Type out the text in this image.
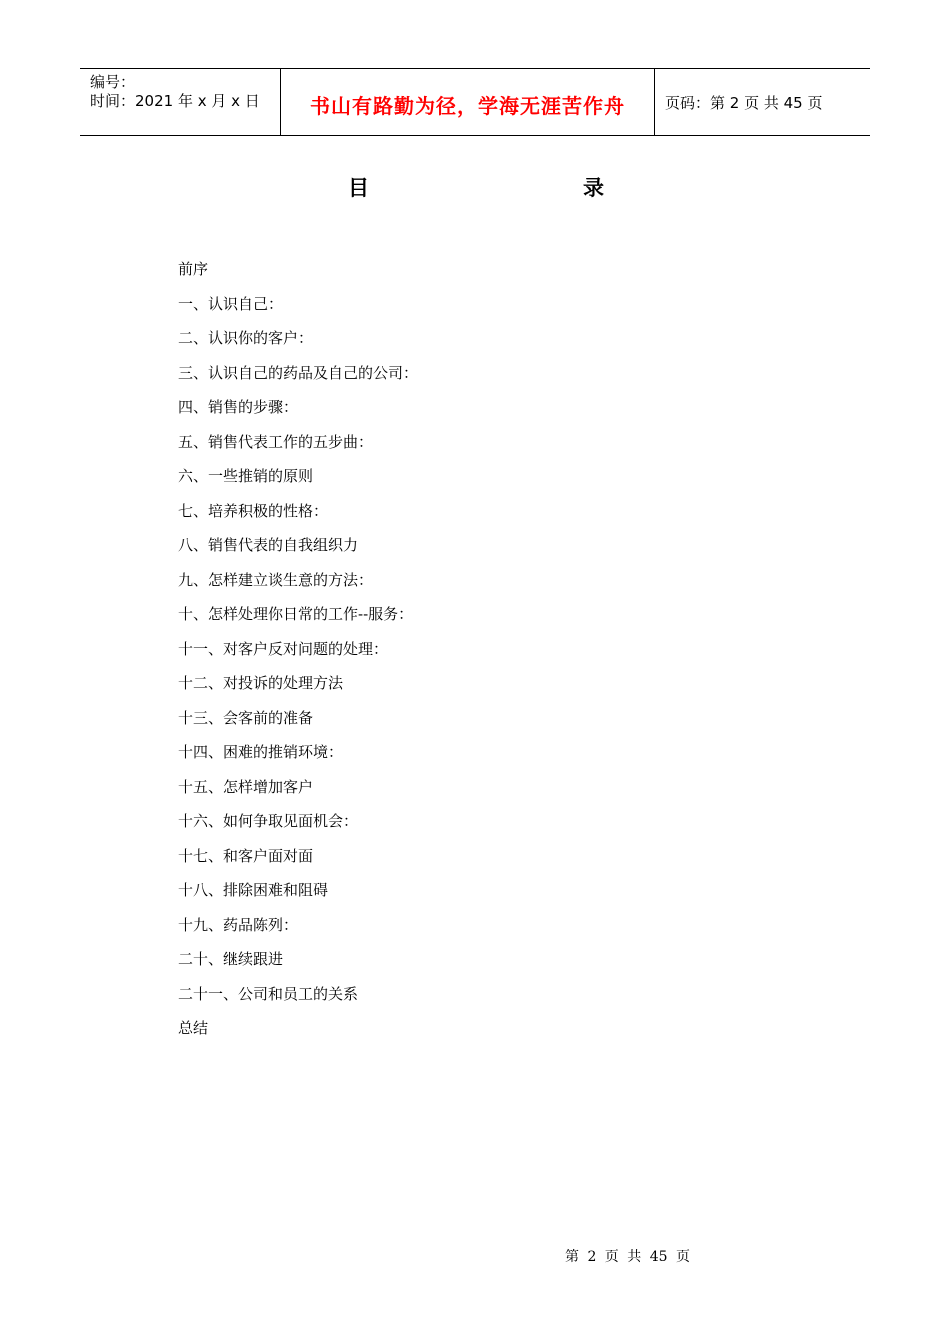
编号：
时间：2021 年 x 月 x 日	书山有路勤为径，学海无涯苦作舟	页码：第 2 页 共 45 页
目	录
前序
一、认识自己：
二、认识你的客户：
三、认识自己的药品及自己的公司：
四、销售的步骤：
五、销售代表工作的五步曲：
六、一些推销的原则
七、培养积极的性格：
八、销售代表的自我组织力
九、怎样建立谈生意的方法：
十、怎样处理你日常的工作--服务：
十一、对客户反对问题的处理：
十二、对投诉的处理方法
十三、会客前的准备
十四、困难的推销环境：
十五、怎样增加客户
十六、如何争取见面机会：
十七、和客户面对面
十八、排除困难和阻碍
十九、药品陈列：
二十、继续跟进
二十一、公司和员工的关系
总结
第 2 页 共 45 页
